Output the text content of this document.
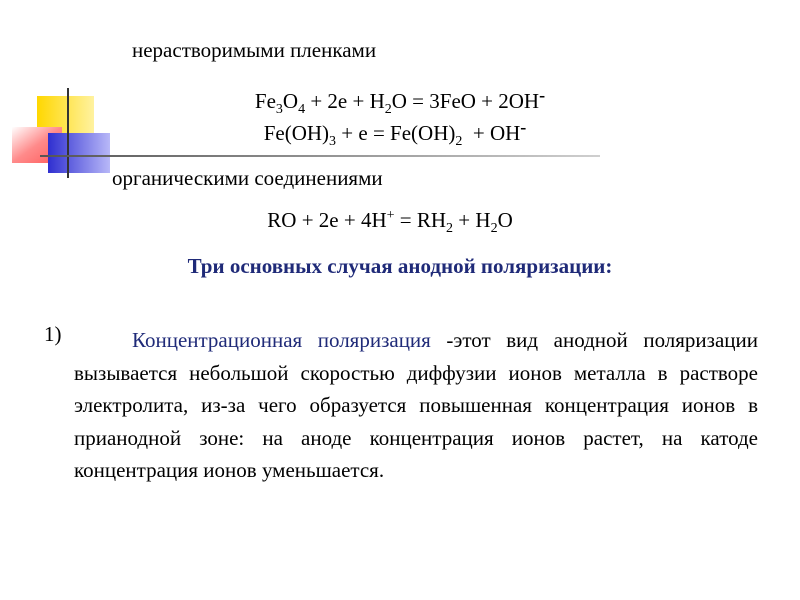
нерастворимыми пленками
$Fe_3O_4 + 2e + H_2O = 3FeO + 2OH^-$
$Fe(OH)_3 + e = Fe(OH)_2 + OH^-$
органическими соединениями
RO + $2e + 4H^+ = RH_2 + H_2O$
Три основных случая анодной поляризации:
1)	Концентрационная поляризация -этот вид анодной поляризации вызывается небольшой скоростью диффузии ионов металла в растворе электролита, из-за чего образуется повышенная концентрация ионов в прианодной зоне: на аноде концентрация ионов растет, на катоде концентрация ионов уменьшается.
